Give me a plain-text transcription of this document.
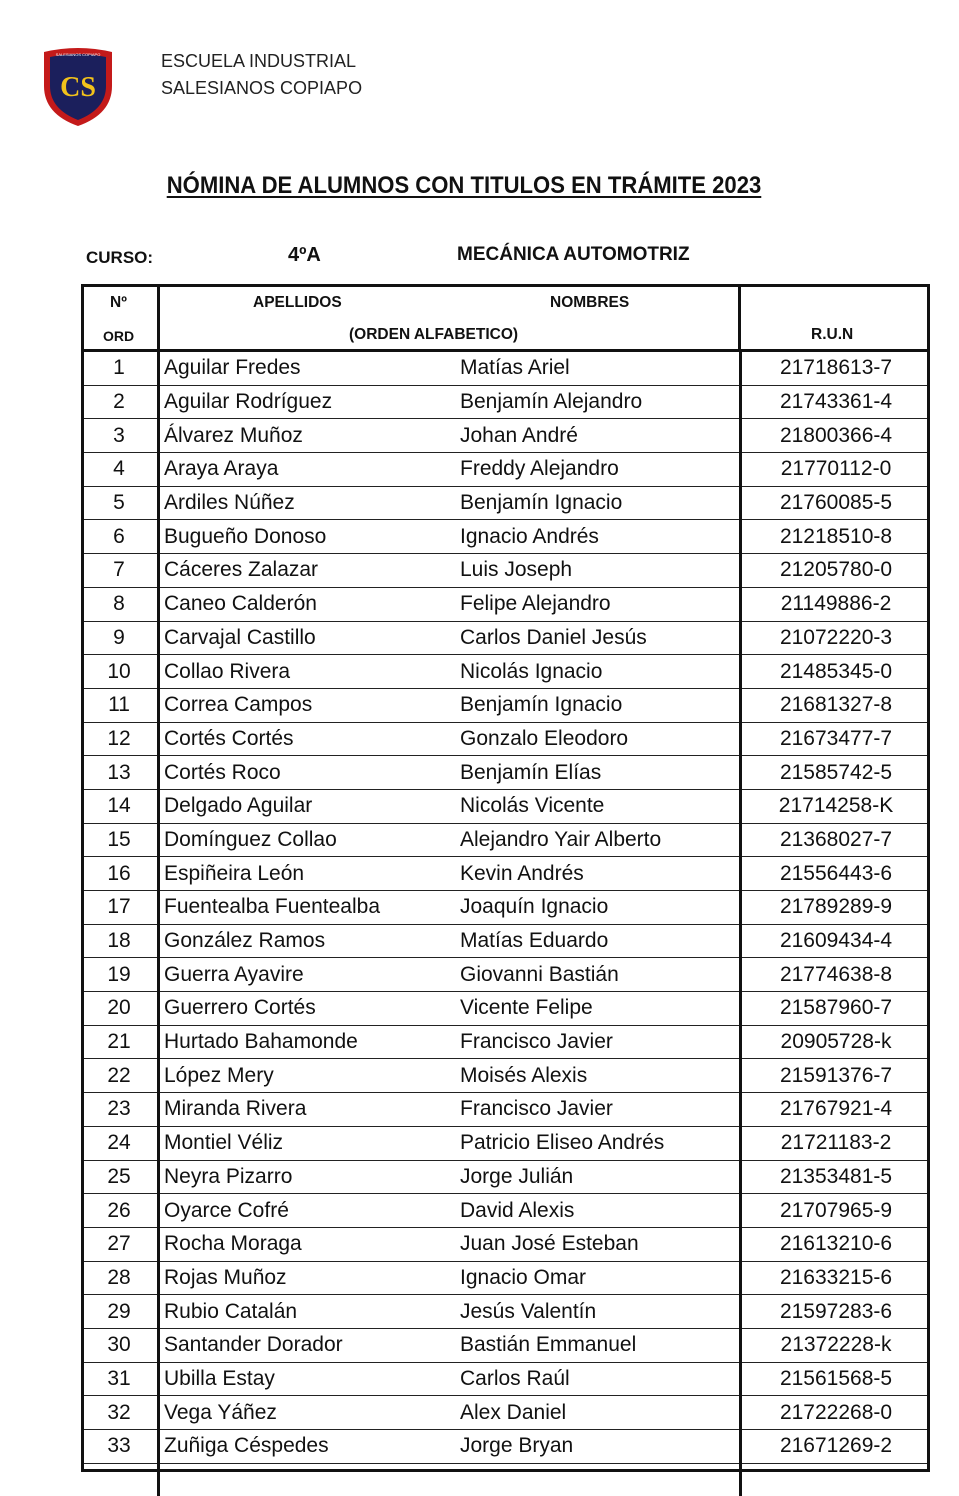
SALESIANOS COPIAPO
CS
ESCUELA INDUSTRIAL
SALESIANOS COPIAPO
NÓMINA DE ALUMNOS CON TITULOS EN TRÁMITE 2023
CURSO:	4ºA	MECÁNICA AUTOMOTRIZ
Nº
ORD
APELLIDOS	NOMBRES
(ORDEN ALFABETICO)	R.U.N
1	Aguilar Fredes	Matías Ariel	21718613-7
2	Aguilar Rodríguez	Benjamín Alejandro	21743361-4
3	Álvarez Muñoz	Johan André	21800366-4
4	Araya Araya	Freddy Alejandro	21770112-0
5	Ardiles Núñez	Benjamín Ignacio	21760085-5
6	Bugueño Donoso	Ignacio Andrés	21218510-8
7	Cáceres Zalazar	Luis Joseph	21205780-0
8	Caneo Calderón	Felipe Alejandro	21149886-2
9	Carvajal Castillo	Carlos Daniel Jesús	21072220-3
10	Collao Rivera	Nicolás Ignacio	21485345-0
11	Correa Campos	Benjamín Ignacio	21681327-8
12	Cortés Cortés	Gonzalo Eleodoro	21673477-7
13	Cortés Roco	Benjamín Elías	21585742-5
14	Delgado Aguilar	Nicolás Vicente	21714258-K
15	Domínguez Collao	Alejandro Yair Alberto	21368027-7
16	Espiñeira León	Kevin Andrés	21556443-6
17	Fuentealba Fuentealba	Joaquín Ignacio	21789289-9
18	González Ramos	Matías Eduardo	21609434-4
19	Guerra Ayavire	Giovanni Bastián	21774638-8
20	Guerrero Cortés	Vicente Felipe	21587960-7
21	Hurtado Bahamonde	Francisco Javier	20905728-k
22	López Mery	Moisés Alexis	21591376-7
23	Miranda Rivera	Francisco Javier	21767921-4
24	Montiel Véliz	Patricio Eliseo Andrés	21721183-2
25	Neyra Pizarro	Jorge Julián	21353481-5
26	Oyarce Cofré	David Alexis	21707965-9
27	Rocha Moraga	Juan José Esteban	21613210-6
28	Rojas Muñoz	Ignacio Omar	21633215-6
29	Rubio Catalán	Jesús Valentín	21597283-6
30	Santander Dorador	Bastián Emmanuel	21372228-k
31	Ubilla Estay	Carlos Raúl	21561568-5
32	Vega Yáñez	Alex Daniel	21722268-0
33	Zuñiga Céspedes	Jorge Bryan	21671269-2
